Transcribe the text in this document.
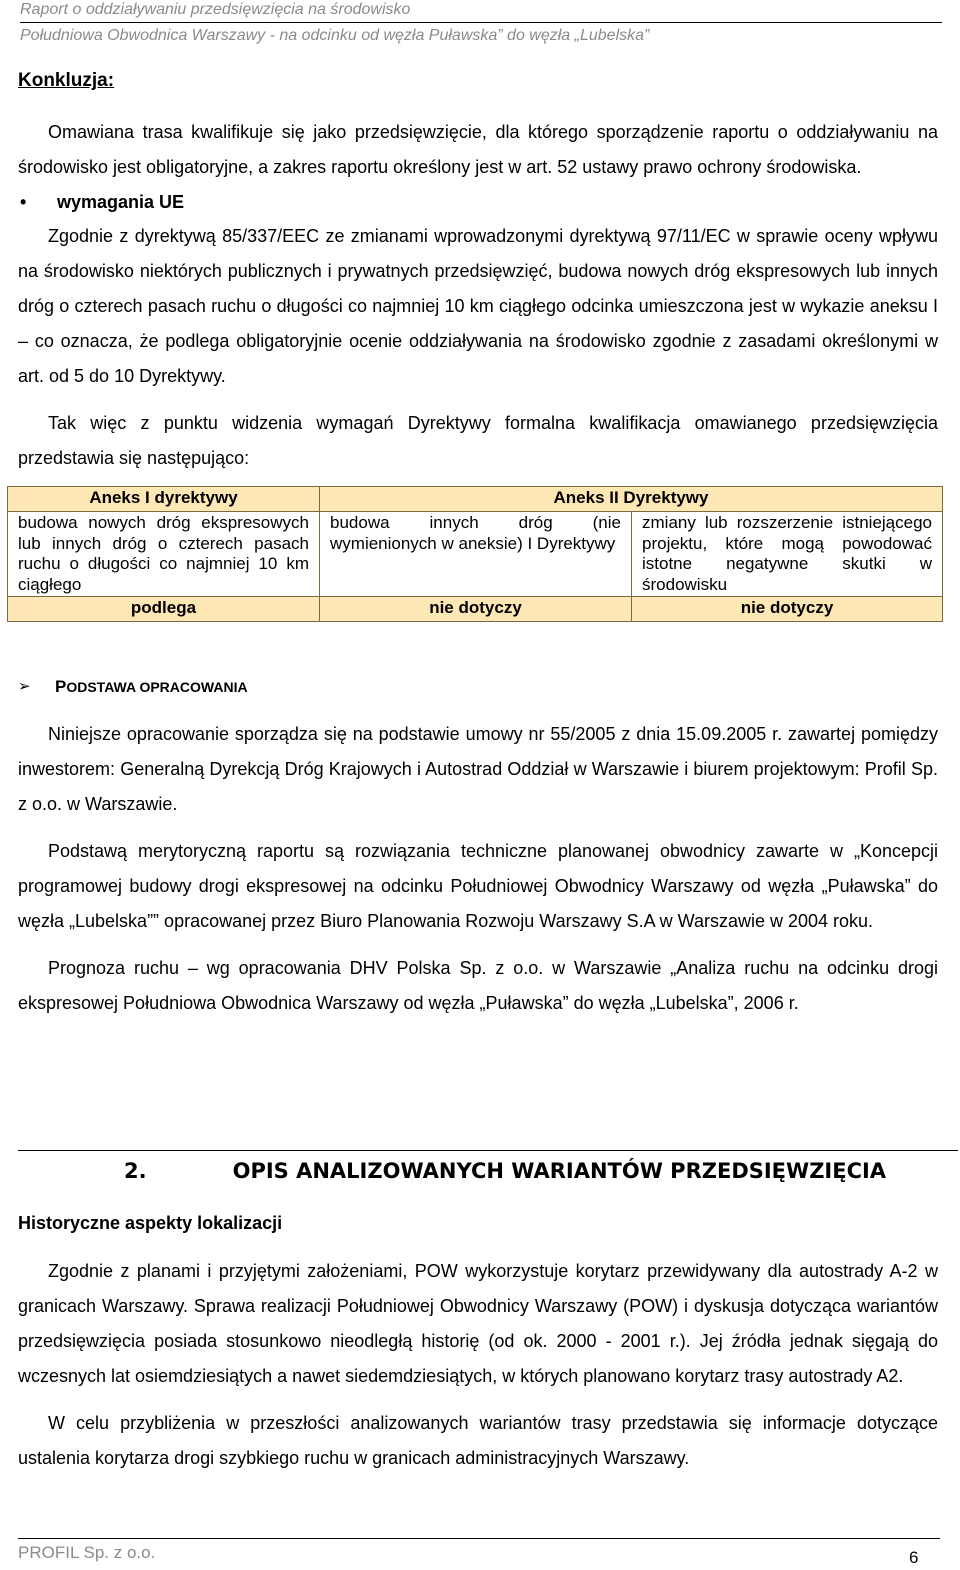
Raport o oddziaływaniu przedsięwzięcia na środowisko
Południowa Obwodnica Warszawy - na odcinku od węzła Puławska” do węzła „Lubelska”

Konkluzja:

Omawiana trasa kwalifikuje się jako przedsięwzięcie, dla którego sporządzenie raportu o oddziaływaniu na środowisko jest obligatoryjne, a zakres raportu określony jest w art. 52 ustawy prawo ochrony środowiska.

•	wymagania UE

Zgodnie z dyrektywą 85/337/EEC ze zmianami wprowadzonymi dyrektywą 97/11/EC w sprawie oceny wpływu na środowisko niektórych publicznych i prywatnych przedsięwzięć, budowa nowych dróg ekspresowych lub innych dróg o czterech pasach ruchu o długości co najmniej 10 km ciągłego odcinka umieszczona jest w wykazie aneksu I – co oznacza, że podlega obligatoryjnie ocenie oddziaływania na środowisko zgodnie z zasadami określonymi w art. od 5 do 10 Dyrektywy.

Tak więc z punktu widzenia wymagań Dyrektywy formalna kwalifikacja omawianego przedsięwzięcia przedstawia się następująco:

Aneks I dyrektywy	Aneks II Dyrektywy	
budowa nowych dróg ekspresowych lub innych dróg o czterech pasach ruchu o długości co najmniej 10 km ciągłego	budowa innych dróg (nie wymienionych w aneksie) I Dyrektywy	zmiany lub rozszerzenie istniejącego projektu, które mogą powodować istotne negatywne skutki w środowisku
podlega	nie dotyczy	nie dotyczy
➢	P ODSTAWA OPRACOWANIA

Niniejsze opracowanie sporządza się na podstawie umowy nr 55/2005 z dnia 15.09.2005 r. zawartej pomiędzy inwestorem: Generalną Dyrekcją Dróg Krajowych i Autostrad Oddział w Warszawie i biurem projektowym: Profil Sp. z o.o. w Warszawie.

Podstawą merytoryczną raportu są rozwiązania techniczne planowanej obwodnicy zawarte w „Koncepcji programowej budowy drogi ekspresowej na odcinku Południowej Obwodnicy Warszawy od węzła „Puławska” do węzła „Lubelska”” opracowanej przez Biuro Planowania Rozwoju Warszawy S.A w Warszawie w 2004 roku.

Prognoza ruchu – wg opracowania DHV Polska Sp. z o.o. w Warszawie „Analiza ruchu na odcinku drogi ekspresowej Południowa Obwodnica Warszawy od węzła „Puławska” do węzła „Lubelska”, 2006 r.

2.	OPIS ANALIZOWANYCH WARIANTÓW PRZEDSIĘWZIĘCIA
Historyczne aspekty lokalizacji

Zgodnie z planami i przyjętymi założeniami, POW wykorzystuje korytarz przewidywany dla autostrady A-2 w granicach Warszawy. Sprawa realizacji Południowej Obwodnicy Warszawy (POW) i dyskusja dotycząca wariantów przedsięwzięcia posiada stosunkowo nieodległą historię (od ok. 2000 - 2001 r.). Jej źródła jednak sięgają do wczesnych lat osiemdziesiątych a nawet siedemdziesiątych, w których planowano korytarz trasy autostrady A2.

W celu przybliżenia w przeszłości analizowanych wariantów trasy przedstawia się informacje dotyczące ustalenia korytarza drogi szybkiego ruchu w granicach administracyjnych Warszawy.

PROFIL Sp. z o.o.	6
